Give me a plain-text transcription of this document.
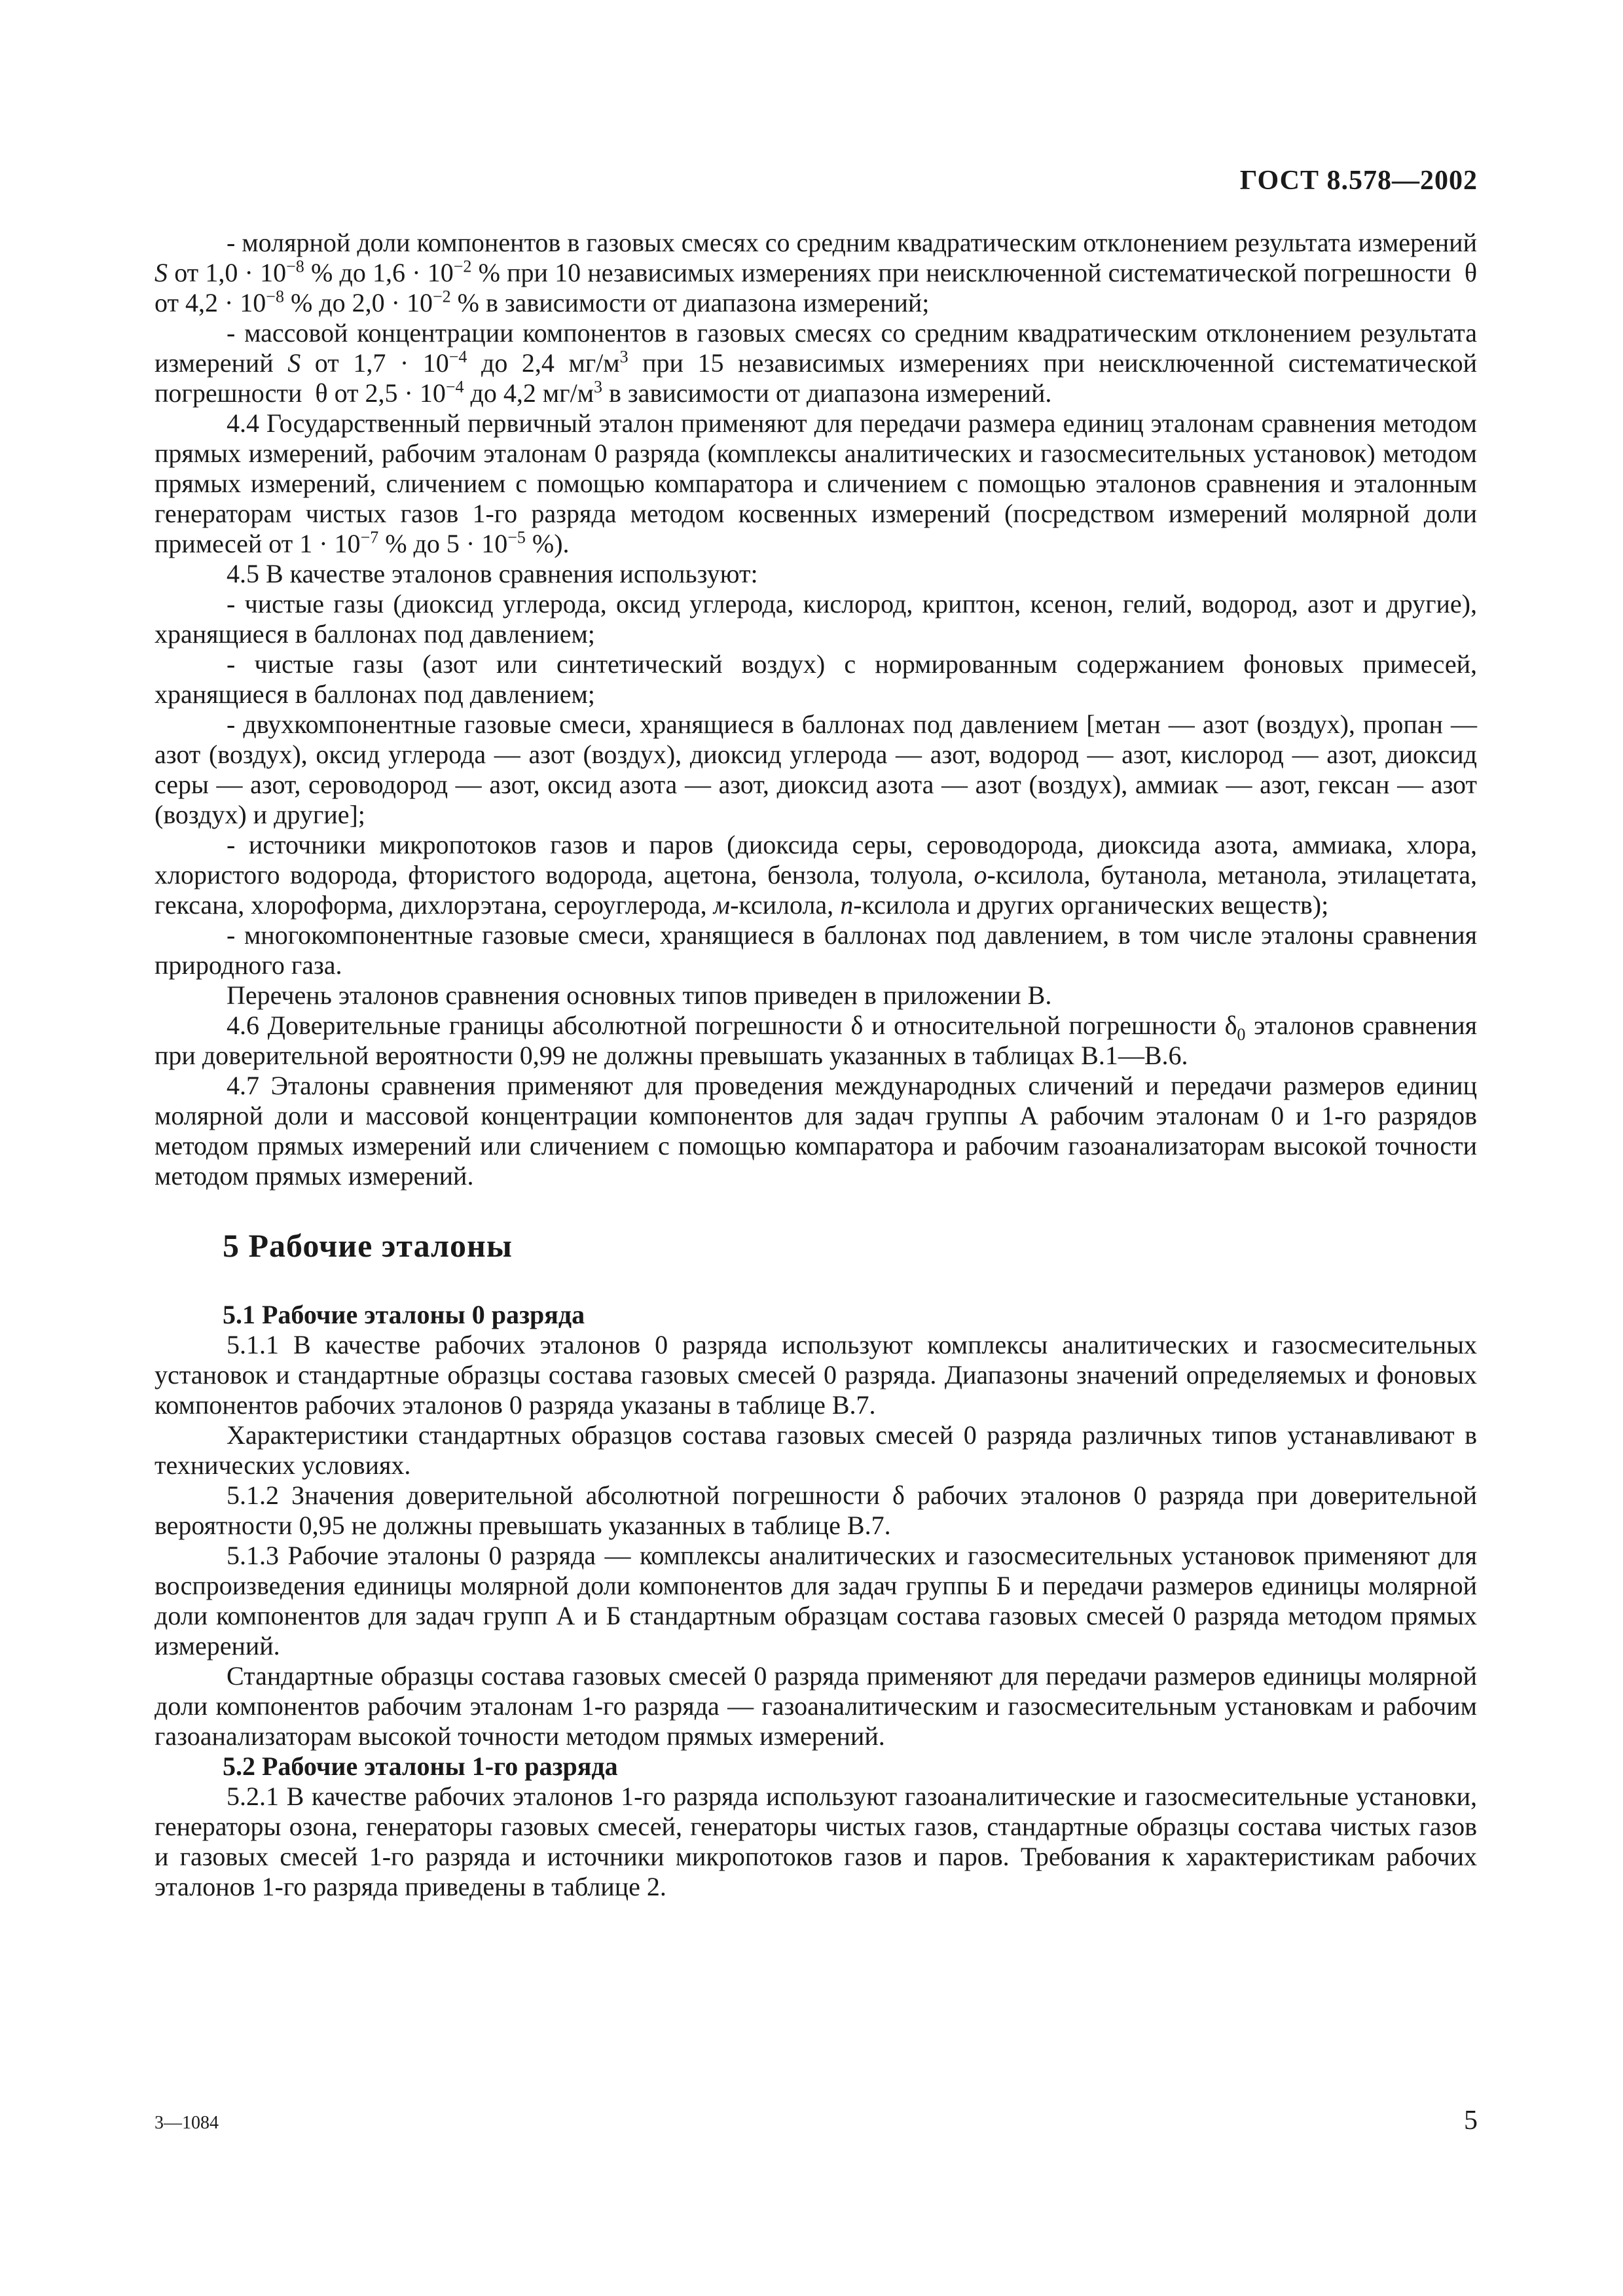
ГОСТ 8.578—2002

- молярной доли компонентов в газовых смесях со средним квадратическим отклонением результата измерений S от $1,0 \cdot 10^{-8}$ % до $1,6 \cdot 10^{-2}$ % при 10 независимых измерениях при неисключенной систематической погрешности  θ от $4,2 \cdot 10^{-8}$ % до $2,0 \cdot 10^{-2}$ % в зависимости от диапазона измерений;

- массовой концентрации компонентов в газовых смесях со средним квадратическим отклонением результата измерений S от $1,7 \cdot 10^{-4}$ до 2,4 $мг/м^3$ при 15 независимых измерениях при неисключенной систематической погрешности  θ от $2,5 \cdot 10^{-4}$ до 4,2 $мг/м^3$ в зависимости от диапазона измерений.

4.4 Государственный первичный эталон применяют для передачи размера единиц эталонам сравнения методом прямых измерений, рабочим эталонам 0 разряда (комплексы аналитических и газосмесительных установок) методом прямых измерений, сличением с помощью компаратора и сличением с помощью эталонов сравнения и эталонным генераторам чистых газов 1-го разряда методом косвенных измерений (посредством измерений молярной доли примесей от $1 \cdot 10^{-7}$ % до $5 \cdot 10^{-5}$ %).

4.5 В качестве эталонов сравнения используют:

- чистые газы (диоксид углерода, оксид углерода, кислород, криптон, ксенон, гелий, водород, азот и другие), хранящиеся в баллонах под давлением;

- чистые газы (азот или синтетический воздух) с нормированным содержанием фоновых примесей, хранящиеся в баллонах под давлением;

- двухкомпонентные газовые смеси, хранящиеся в баллонах под давлением [метан — азот (воздух), пропан — азот (воздух), оксид углерода — азот (воздух), диоксид углерода — азот, водород — азот, кислород — азот, диоксид серы — азот, сероводород — азот, оксид азота — азот, диоксид азота — азот (воздух), аммиак — азот, гексан — азот (воздух) и другие];

- источники микропотоков газов и паров (диоксида серы, сероводорода, диоксида азота, аммиака, хлора, хлористого водорода, фтористого водорода, ацетона, бензола, толуола, о-ксилола, бутанола, метанола, этилацетата, гексана, хлороформа, дихлорэтана, сероуглерода, м-ксилола, n-ксилола и других органических веществ);

- многокомпонентные газовые смеси, хранящиеся в баллонах под давлением, в том числе эталоны сравнения природного газа.

Перечень эталонов сравнения основных типов приведен в приложении В.

4.6 Доверительные границы абсолютной погрешности δ и относительной погрешности $\delta_0$ эталонов сравнения при доверительной вероятности 0,99 не должны превышать указанных в таблицах В.1—В.6.

4.7 Эталоны сравнения применяют для проведения международных сличений и передачи размеров единиц молярной доли и массовой концентрации компонентов для задач группы А рабочим эталонам 0 и 1-го разрядов методом прямых измерений или сличением с помощью компаратора и рабочим газоанализаторам высокой точности методом прямых измерений.

5 Рабочие эталоны
5.1 Рабочие эталоны 0 разряда

5.1.1 В качестве рабочих эталонов 0 разряда используют комплексы аналитических и газосмесительных установок и стандартные образцы состава газовых смесей 0 разряда. Диапазоны значений определяемых и фоновых компонентов рабочих эталонов 0 разряда указаны в таблице В.7.

Характеристики стандартных образцов состава газовых смесей 0 разряда различных типов устанавливают в технических условиях.

5.1.2 Значения доверительной абсолютной погрешности δ рабочих эталонов 0 разряда при доверительной вероятности 0,95 не должны превышать указанных в таблице В.7.

5.1.3 Рабочие эталоны 0 разряда — комплексы аналитических и газосмесительных установок применяют для воспроизведения единицы молярной доли компонентов для задач группы Б и передачи размеров единицы молярной доли компонентов для задач групп А и Б стандартным образцам состава газовых смесей 0 разряда методом прямых измерений.

Стандартные образцы состава газовых смесей 0 разряда применяют для передачи размеров единицы молярной доли компонентов рабочим эталонам 1-го разряда — газоаналитическим и газосмесительным установкам и рабочим газоанализаторам высокой точности методом прямых измерений.

5.2 Рабочие эталоны 1-го разряда

5.2.1 В качестве рабочих эталонов 1-го разряда используют газоаналитические и газосмесительные установки, генераторы озона, генераторы газовых смесей, генераторы чистых газов, стандартные образцы состава чистых газов и газовых смесей 1-го разряда и источники микропотоков газов и паров. Требования к характеристикам рабочих эталонов 1-го разряда приведены в таблице 2.

3—1084	5
